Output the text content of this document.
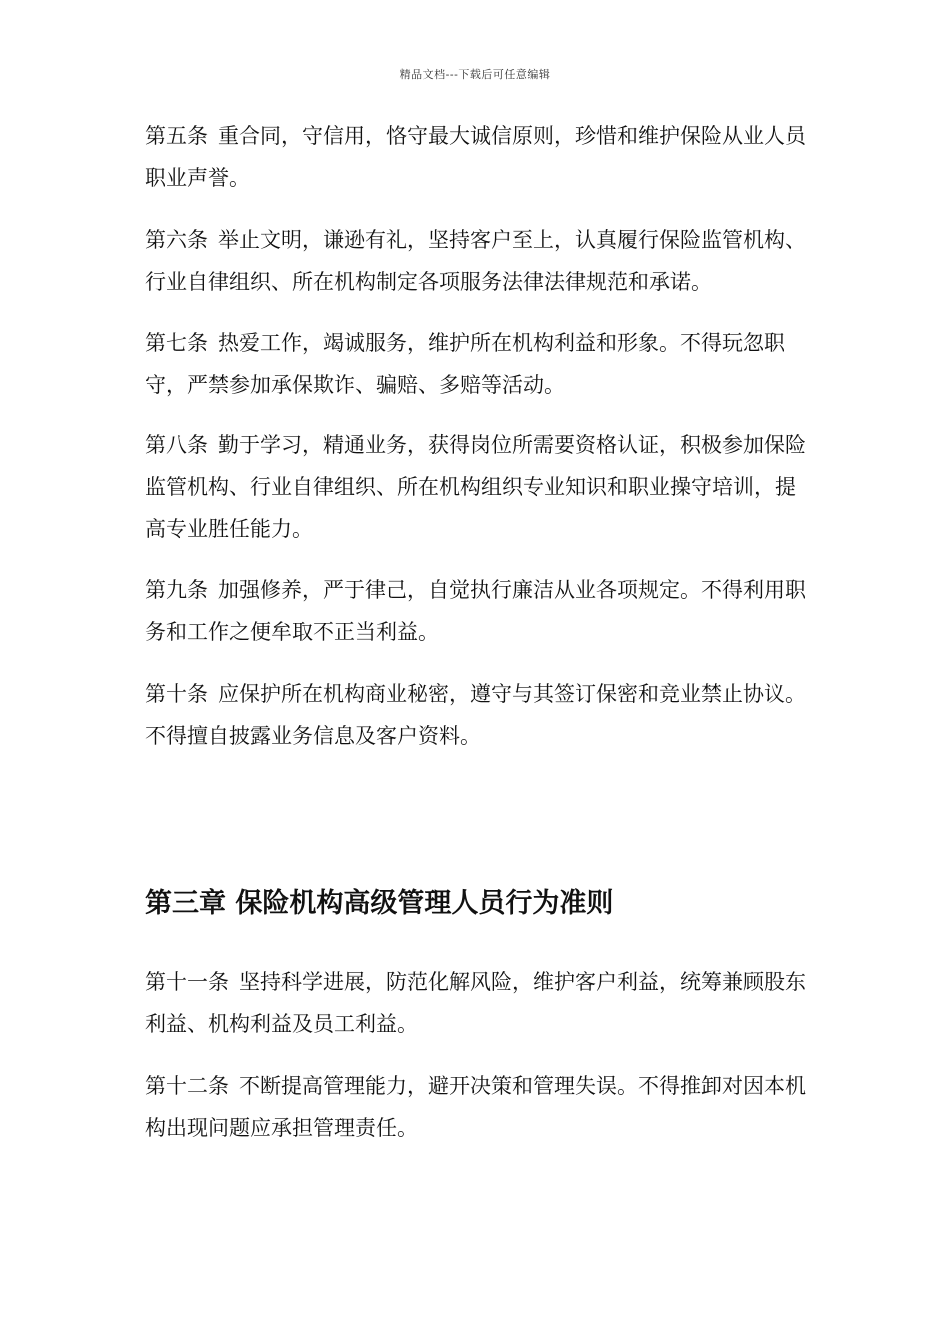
精品文档---下载后可任意编辑

第五条 重合同，守信用，恪守最大诚信原则，珍惜和维护保险从业人员职业声誉。

第六条 举止文明，谦逊有礼，坚持客户至上，认真履行保险监管机构、行业自律组织、所在机构制定各项服务法律法律规范和承诺。

第七条 热爱工作，竭诚服务，维护所在机构利益和形象。不得玩忽职守，严禁参加承保欺诈、骗赔、多赔等活动。

第八条 勤于学习，精通业务，获得岗位所需要资格认证，积极参加保险监管机构、行业自律组织、所在机构组织专业知识和职业操守培训，提高专业胜任能力。

第九条 加强修养，严于律己，自觉执行廉洁从业各项规定。不得利用职务和工作之便牟取不正当利益。

第十条 应保护所在机构商业秘密，遵守与其签订保密和竞业禁止协议。不得擅自披露业务信息及客户资料。

第三章 保险机构高级管理人员行为准则

第十一条 坚持科学进展，防范化解风险，维护客户利益，统筹兼顾股东利益、机构利益及员工利益。

第十二条 不断提高管理能力，避开决策和管理失误。不得推卸对因本机构出现问题应承担管理责任。
